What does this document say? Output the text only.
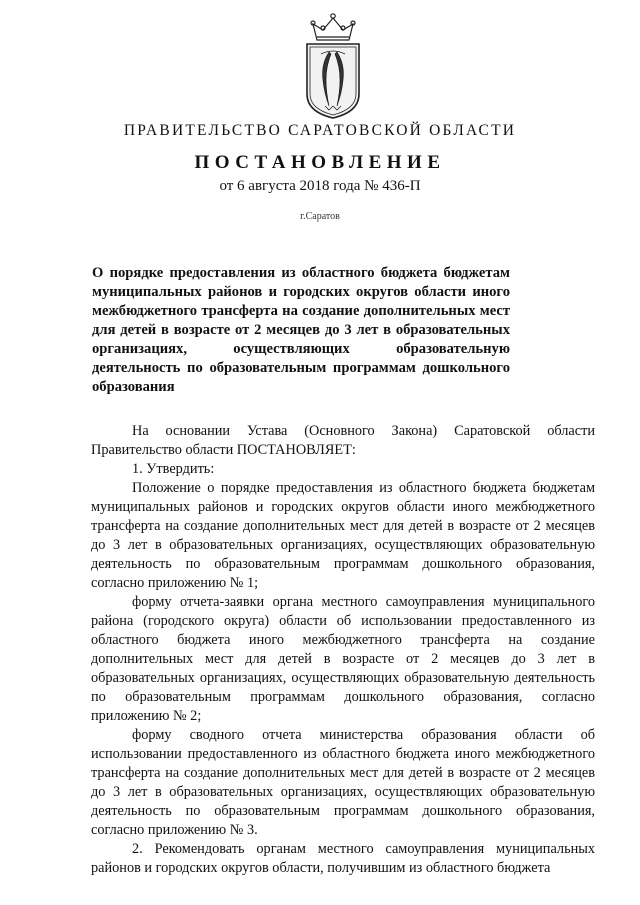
ПРАВИТЕЛЬСТВО САРАТОВСКОЙ ОБЛАСТИ
ПОСТАНОВЛЕНИЕ
от 6 августа 2018 года № 436-П
г.Саратов
О порядке предоставления из областного бюджета бюджетам муниципальных районов и городских округов области иного межбюджетного трансферта на создание дополнительных мест для детей в возрасте от 2 месяцев до 3 лет в образовательных организациях, осуществляющих образовательную деятельность по образовательным программам дошкольного образования

На основании Устава (Основного Закона) Саратовской области Правительство области ПОСТАНОВЛЯЕТ:

1. Утвердить:

Положение о порядке предоставления из областного бюджета бюджетам муниципальных районов и городских округов области иного межбюджетного трансферта на создание дополнительных мест для детей в возрасте от 2 месяцев до 3 лет в образовательных организациях, осуществляющих образовательную деятельность по образовательным программам дошкольного образования, согласно приложению № 1;

форму отчета-заявки органа местного самоуправления муниципального района (городского округа) области об использовании предоставленного из областного бюджета иного межбюджетного трансферта на создание дополнительных мест для детей в возрасте от 2 месяцев до 3 лет в образовательных организациях, осуществляющих образовательную деятельность по образовательным программам дошкольного образования, согласно приложению № 2;

форму сводного отчета министерства образования области об использовании предоставленного из областного бюджета иного межбюджетного трансферта на создание дополнительных мест для детей в возрасте от 2 месяцев до 3 лет в образовательных организациях, осуществляющих образовательную деятельность по образовательным программам дошкольного образования, согласно приложению № 3.

2. Рекомендовать органам местного самоуправления муниципальных районов и городских округов области, получившим из областного бюджета
